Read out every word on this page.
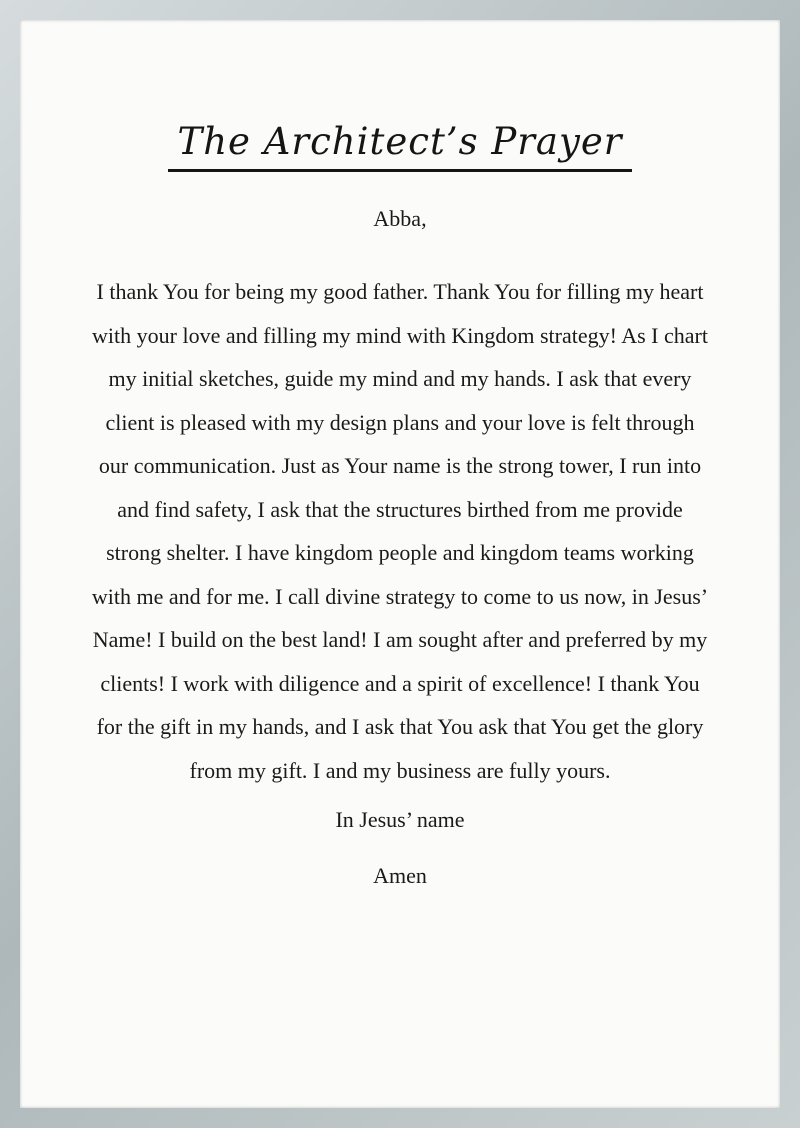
The Architect’s Prayer
Abba,
I thank You for being my good father. Thank You for filling my heart
with your love and filling my mind with Kingdom strategy! As I chart
my initial sketches, guide my mind and my hands. I ask that every
client is pleased with my design plans and your love is felt through
our communication. Just as Your name is the strong tower, I run into
and find safety, I ask that the structures birthed from me provide
strong shelter. I have kingdom people and kingdom teams working
with me and for me. I call divine strategy to come to us now, in Jesus’
Name! I build on the best land! I am sought after and preferred by my
clients! I work with diligence and a spirit of excellence! I thank You
for the gift in my hands, and I ask that You ask that You get the glory
from my gift. I and my business are fully yours.
In Jesus’ name
Amen
